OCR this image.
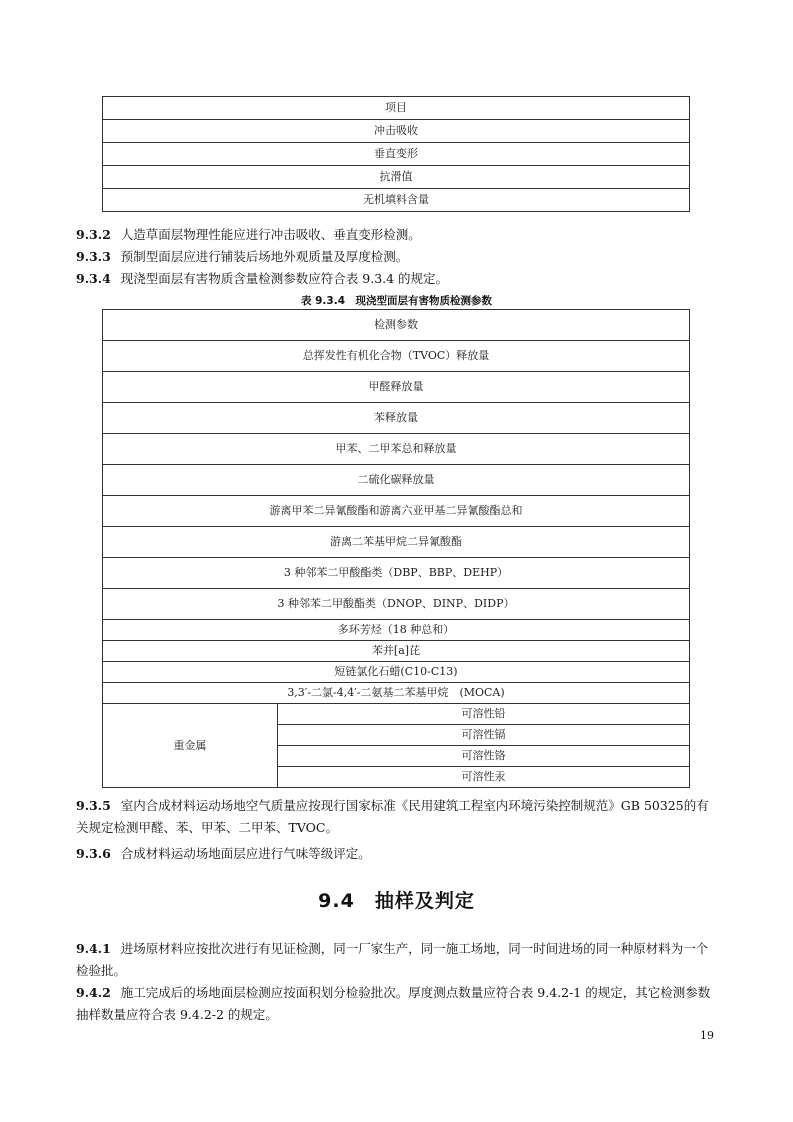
项目
冲击吸收
垂直变形
抗滑值
无机填料含量
9.3.2 人造草面层物理性能应进行冲击吸收、垂直变形检测。
9.3.3 预制型面层应进行铺装后场地外观质量及厚度检测。
9.3.4 现浇型面层有害物质含量检测参数应符合表 9.3.4 的规定。
表 9.3.4　现浇型面层有害物质检测参数
检测参数
总挥发性有机化合物（TVOC）释放量
甲醛释放量
苯释放量
甲苯、二甲苯总和释放量
二硫化碳释放量
游离甲苯二异氰酸酯和游离六亚甲基二异氰酸酯总和
游离二苯基甲烷二异氰酸酯
3 种邻苯二甲酸酯类（DBP、BBP、DEHP）
3 种邻苯二甲酸酯类（DNOP、DINP、DIDP）
多环芳烃（18 种总和）
苯并[a]芘
短链氯化石蜡(C10-C13)
3,3′-二氯-4,4′-二氨基二苯基甲烷　(MOCA)
重金属	可溶性铅
可溶性镉
可溶性铬
可溶性汞
9.3.5 室内合成材料运动场地空气质量应按现行国家标准《民用建筑工程室内环境污染控制规范》GB 50325的有关规定检测甲醛、苯、甲苯、二甲苯、TVOC。
9.3.6 合成材料运动场地面层应进行气味等级评定。
9.4　抽样及判定
9.4.1 进场原材料应按批次进行有见证检测，同一厂家生产，同一施工场地，同一时间进场的同一种原材料为一个检验批。
9.4.2 施工完成后的场地面层检测应按面积划分检验批次。厚度测点数量应符合表 9.4.2-1 的规定，其它检测参数抽样数量应符合表 9.4.2-2 的规定。
19
